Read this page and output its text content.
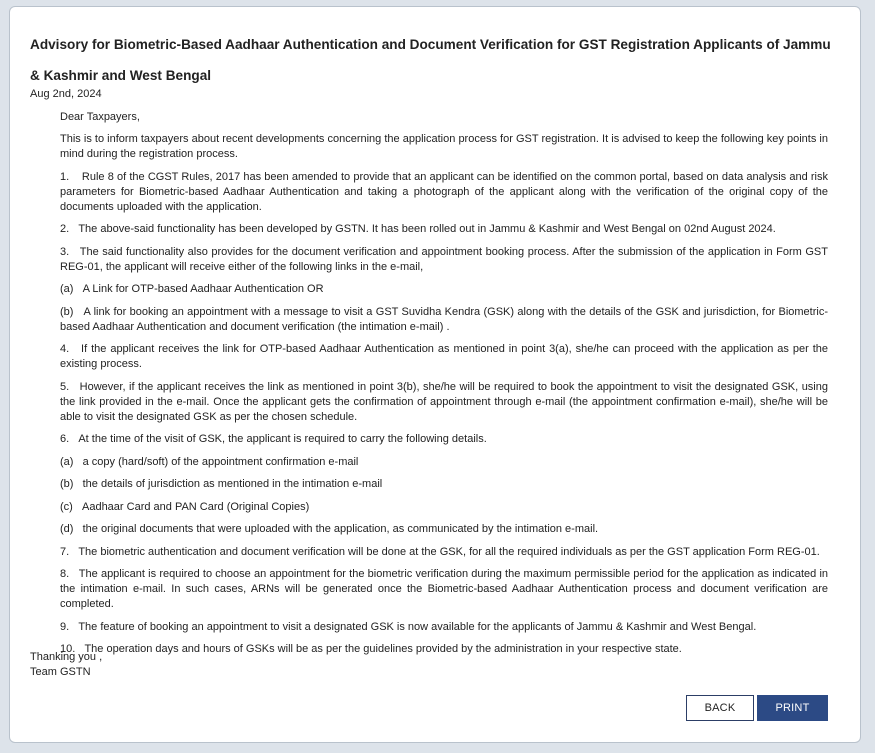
Advisory for Biometric-Based Aadhaar Authentication and Document Verification for GST Registration Applicants of Jammu & Kashmir and West Bengal
Aug 2nd, 2024

Dear Taxpayers,

This is to inform taxpayers about recent developments concerning the application process for GST registration. It is advised to keep the following key points in mind during the registration process.

1.    Rule 8 of the CGST Rules, 2017 has been amended to provide that an applicant can be identified on the common portal, based on data analysis and risk parameters for Biometric-based Aadhaar Authentication and taking a photograph of the applicant along with the verification of the original copy of the documents uploaded with the application.

2.   The above-said functionality has been developed by GSTN. It has been rolled out in Jammu & Kashmir and West Bengal on 02nd August 2024.

3.   The said functionality also provides for the document verification and appointment booking process. After the submission of the application in Form GST REG-01, the applicant will receive either of the following links in the e-mail,

(a)   A Link for OTP-based Aadhaar Authentication OR

(b)   A link for booking an appointment with a message to visit a GST Suvidha Kendra (GSK) along with the details of the GSK and jurisdiction, for Biometric-based Aadhaar Authentication and document verification (the intimation e-mail) .

4.   If the applicant receives the link for OTP-based Aadhaar Authentication as mentioned in point 3(a), she/he can proceed with the application as per the existing process.

5.   However, if the applicant receives the link as mentioned in point 3(b), she/he will be required to book the appointment to visit the designated GSK, using the link provided in the e-mail. Once the applicant gets the confirmation of appointment through e-mail (the appointment confirmation e-mail), she/he will be able to visit the designated GSK as per the chosen schedule.

6.   At the time of the visit of GSK, the applicant is required to carry the following details.

(a)   a copy (hard/soft) of the appointment confirmation e-mail

(b)   the details of jurisdiction as mentioned in the intimation e-mail

(c)   Aadhaar Card and PAN Card (Original Copies)

(d)   the original documents that were uploaded with the application, as communicated by the intimation e-mail.

7.   The biometric authentication and document verification will be done at the GSK, for all the required individuals as per the GST application Form REG-01.

8.   The applicant is required to choose an appointment for the biometric verification during the maximum permissible period for the application as indicated in the intimation e-mail. In such cases, ARNs will be generated once the Biometric-based Aadhaar Authentication process and document verification are completed.

9.   The feature of booking an appointment to visit a designated GSK is now available for the applicants of Jammu & Kashmir and West Bengal.

10.   The operation days and hours of GSKs will be as per the guidelines provided by the administration in your respective state.

Thanking you ,
Team GSTN
BACK	PRINT
